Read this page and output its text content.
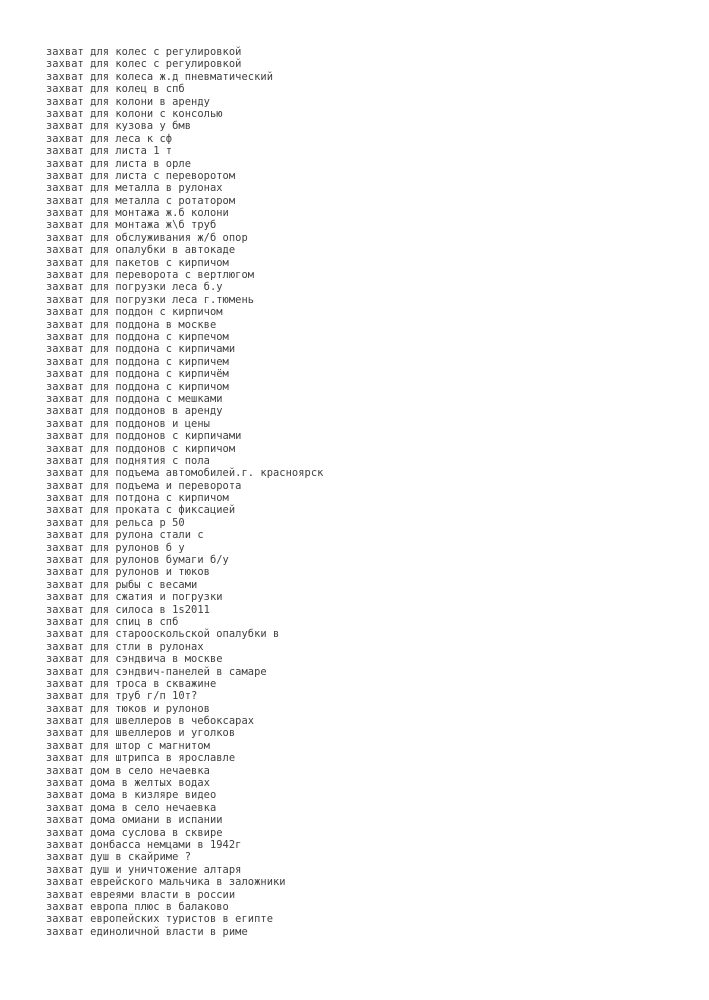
захват для колес с регулировкой
захват для колес с регулировкой
захват для колеса ж.д пневматический
захват для колец в спб
захват для колони в аренду
захват для колони с консолью
захват для кузова у бмв
захват для леса к сф
захват для листа 1 т
захват для листа в орле
захват для листа с переворотом
захват для металла в рулонах
захват для металла с ротатором
захват для монтажа ж.б колони
захват для монтажа ж\б труб
захват для обслуживания ж/б опор
захват для опалубки в автокаде
захват для пакетов с кирпичом
захват для переворота с вертлюгом
захват для погрузки леса б.у
захват для погрузки леса г.тюмень
захват для поддон с кирпичом
захват для поддона в москве
захват для поддона с кирпечом
захват для поддона с кирпичами
захват для поддона с кирпичем
захват для поддона с кирпичём
захват для поддона с кирпичом
захват для поддона с мешками
захват для поддонов в аренду
захват для поддонов и цены
захват для поддонов с кирпичами
захват для поддонов с кирпичом
захват для поднятия с пола
захват для подъема автомобилей.г. красноярск
захват для подъема и переворота
захват для потдона с кирпичом
захват для проката с фиксацией
захват для рельса р 50
захват для рулона стали с
захват для рулонов б у
захват для рулонов бумаги б/у
захват для рулонов и тюков
захват для рыбы с весами
захват для сжатия и погрузки
захват для силоса в 1s2011
захват для спиц в спб
захват для старооскольской опалубки в
захват для стли в рулонах
захват для сэндвича в москве
захват для сэндвич-панелей в самаре
захват для троса в скважине
захват для труб г/п 10т?
захват для тюков и рулонов
захват для швеллеров в чебоксарах
захват для швеллеров и уголков
захват для штор с магнитом
захват для штрипса в ярославле
захват дом в село нечаевка
захват дома в желтых водах
захват дома в кизляре видео
захват дома в село нечаевка
захват дома омиани в испании
захват дома суслова в сквире
захват донбасса немцами в 1942г
захват душ в скайриме ?
захват душ и уничтожение алтаря
захват еврейского мальчика в заложники
захват евреями власти в россии
захват европа плюс в балаково
захват европейских туристов в египте
захват единоличной власти в риме
